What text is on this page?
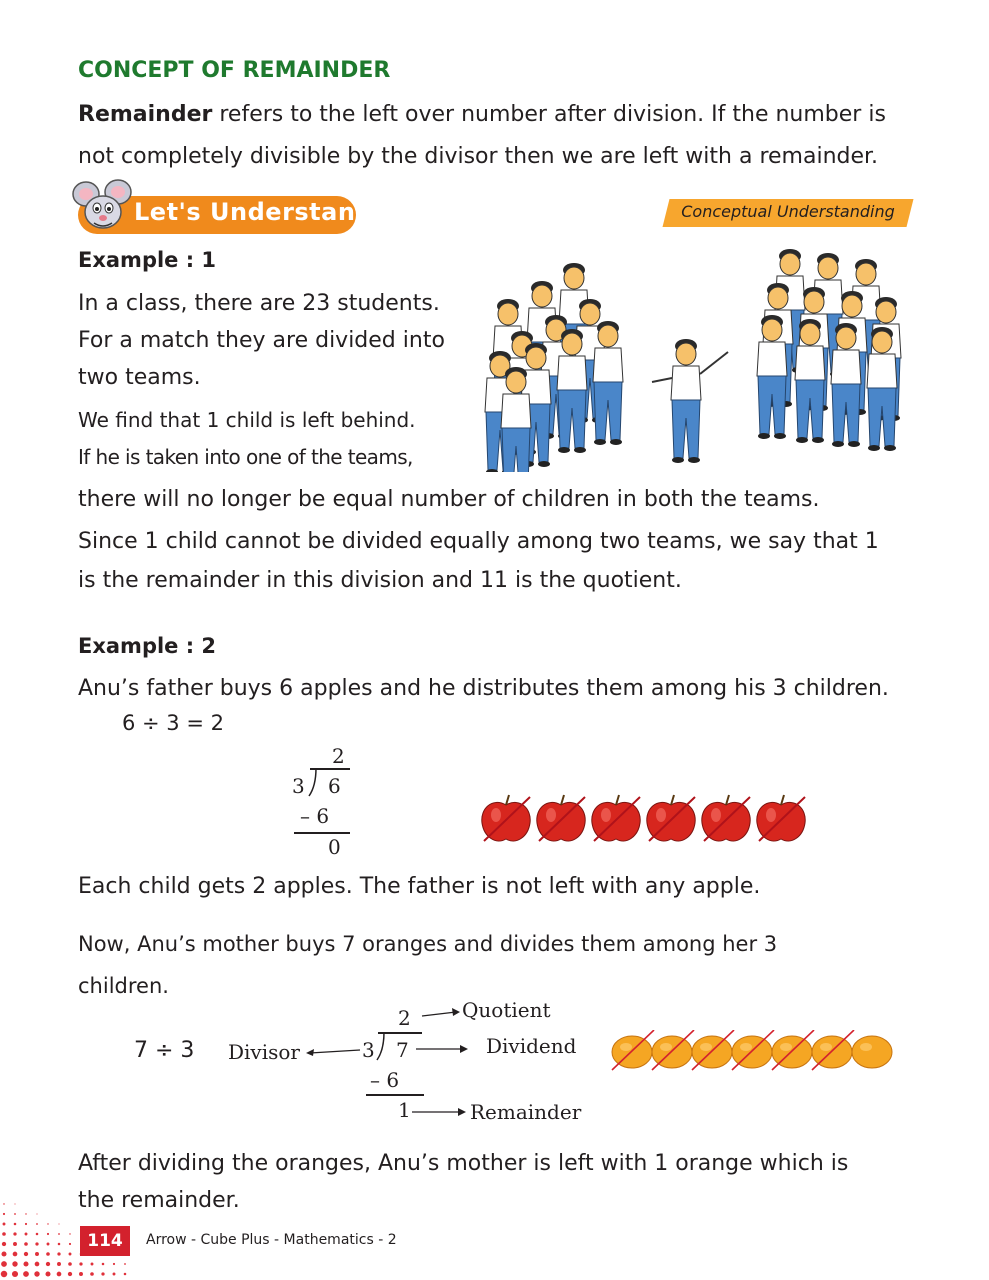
CONCEPT OF REMAINDER
Remainder refers to the left over number after division. If the number is
not completely divisible by the divisor then we are left with a remainder.
Let's Understand	Conceptual Understanding
Example : 1
In a class, there are 23 students.
For a match they are divided into
two teams.
We find that 1 child is left behind.
If he is taken into one of the teams,
there will no longer be equal number of children in both the teams.
Since 1 child cannot be divided equally among two teams, we say that 1
is the remainder in this division and 11 is the quotient.
Example : 2
Anu’s father buys 6 apples and he distributes them among his 3 children.
6 ÷ 3 = 2
2
3 6
– 6
0
Each child gets 2 apples. The father is not left with any apple.
Now, Anu’s mother buys 7 oranges and divides them among her 3
children.
7 ÷ 3 Divisor
2	Quotient
3 7	Dividend
– 6
1	Remainder
After dividing the oranges, Anu’s mother is left with 1 orange which is
the remainder.
114	Arrow - Cube Plus - Mathematics - 2
